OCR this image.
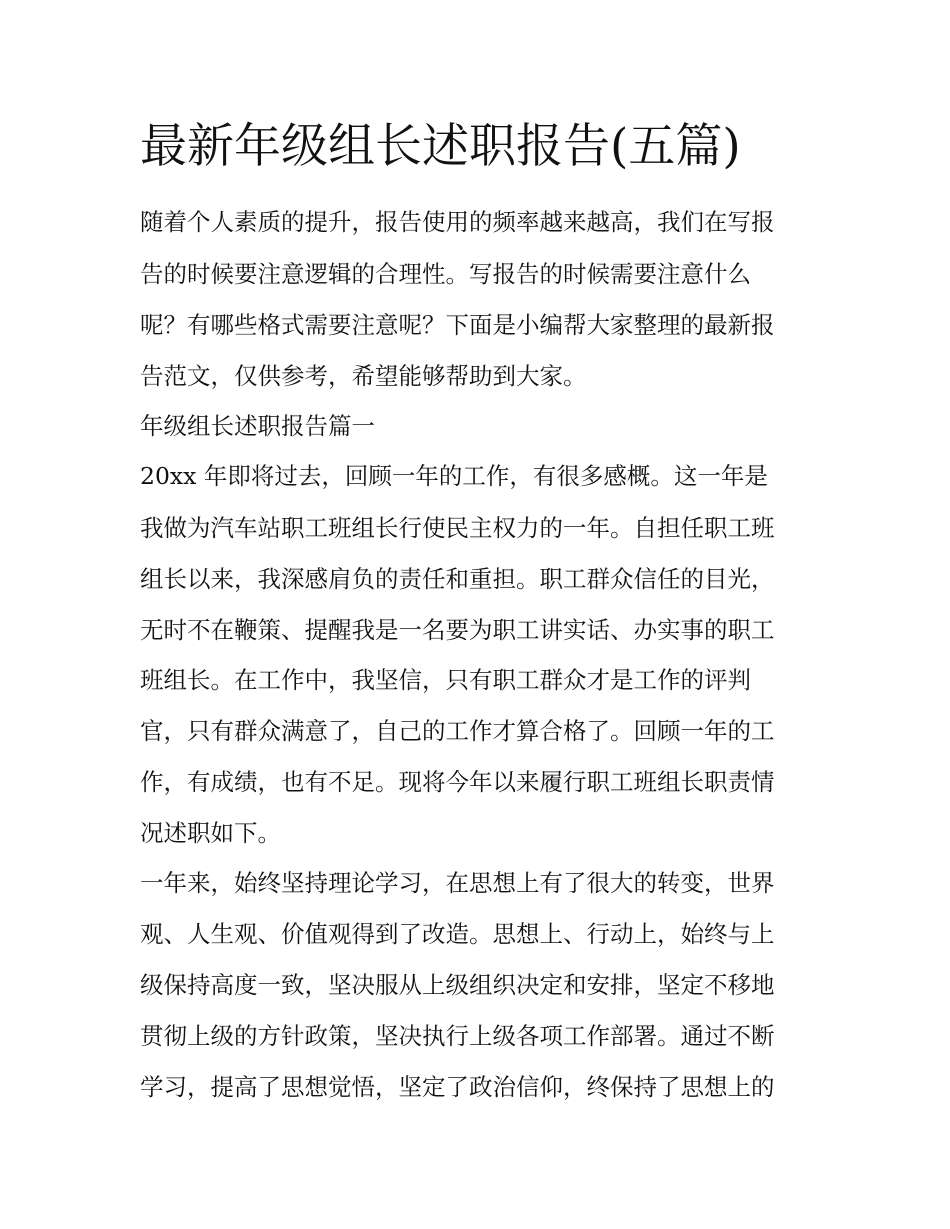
最新年级组长述职报告(五篇)

随着个人素质的提升，报告使用的频率越来越高，我们在写报

告的时候要注意逻辑的合理性。写报告的时候需要注意什么

呢？有哪些格式需要注意呢？下面是小编帮大家整理的最新报

告范文，仅供参考，希望能够帮助到大家。

年级组长述职报告篇一

20xx 年即将过去，回顾一年的工作，有很多感概。这一年是

我做为汽车站职工班组长行使民主权力的一年。自担任职工班

组长以来，我深感肩负的责任和重担。职工群众信任的目光，

无时不在鞭策、提醒我是一名要为职工讲实话、办实事的职工

班组长。在工作中，我坚信，只有职工群众才是工作的评判

官，只有群众满意了，自己的工作才算合格了。回顾一年的工

作，有成绩，也有不足。现将今年以来履行职工班组长职责情

况述职如下。

一年来，始终坚持理论学习，在思想上有了很大的转变，世界

观、人生观、价值观得到了改造。思想上、行动上，始终与上

级保持高度一致，坚决服从上级组织决定和安排，坚定不移地

贯彻上级的方针政策，坚决执行上级各项工作部署。通过不断

学习，提高了思想觉悟，坚定了政治信仰，终保持了思想上的
